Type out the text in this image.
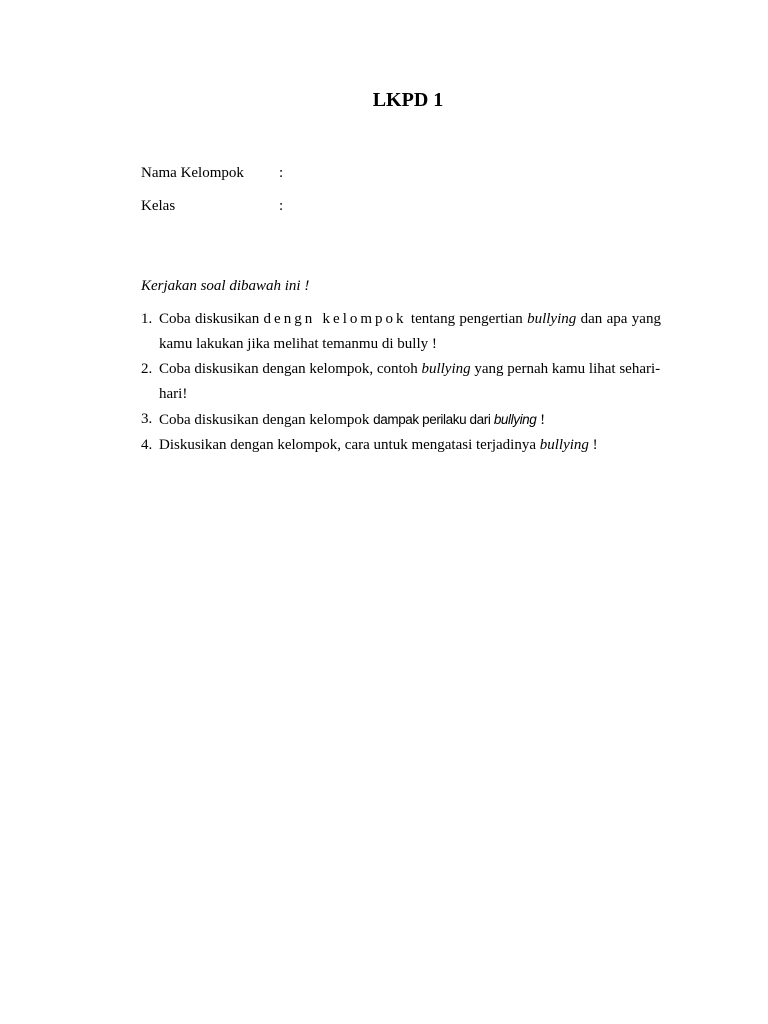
LKPD 1
Nama Kelompok :
Kelas	:
Kerjakan soal dibawah ini !
1. Coba diskusikan dengn kelompok tentang pengertian bullying dan apa yang kamu lakukan jika melihat temanmu di bully !
2. Coba diskusikan dengan kelompok, contoh bullying yang pernah kamu lihat sehari-hari!
3. Coba diskusikan dengan kelompok dampak perilaku dari bullying !
4. Diskusikan dengan kelompok, cara untuk mengatasi terjadinya bullying !
